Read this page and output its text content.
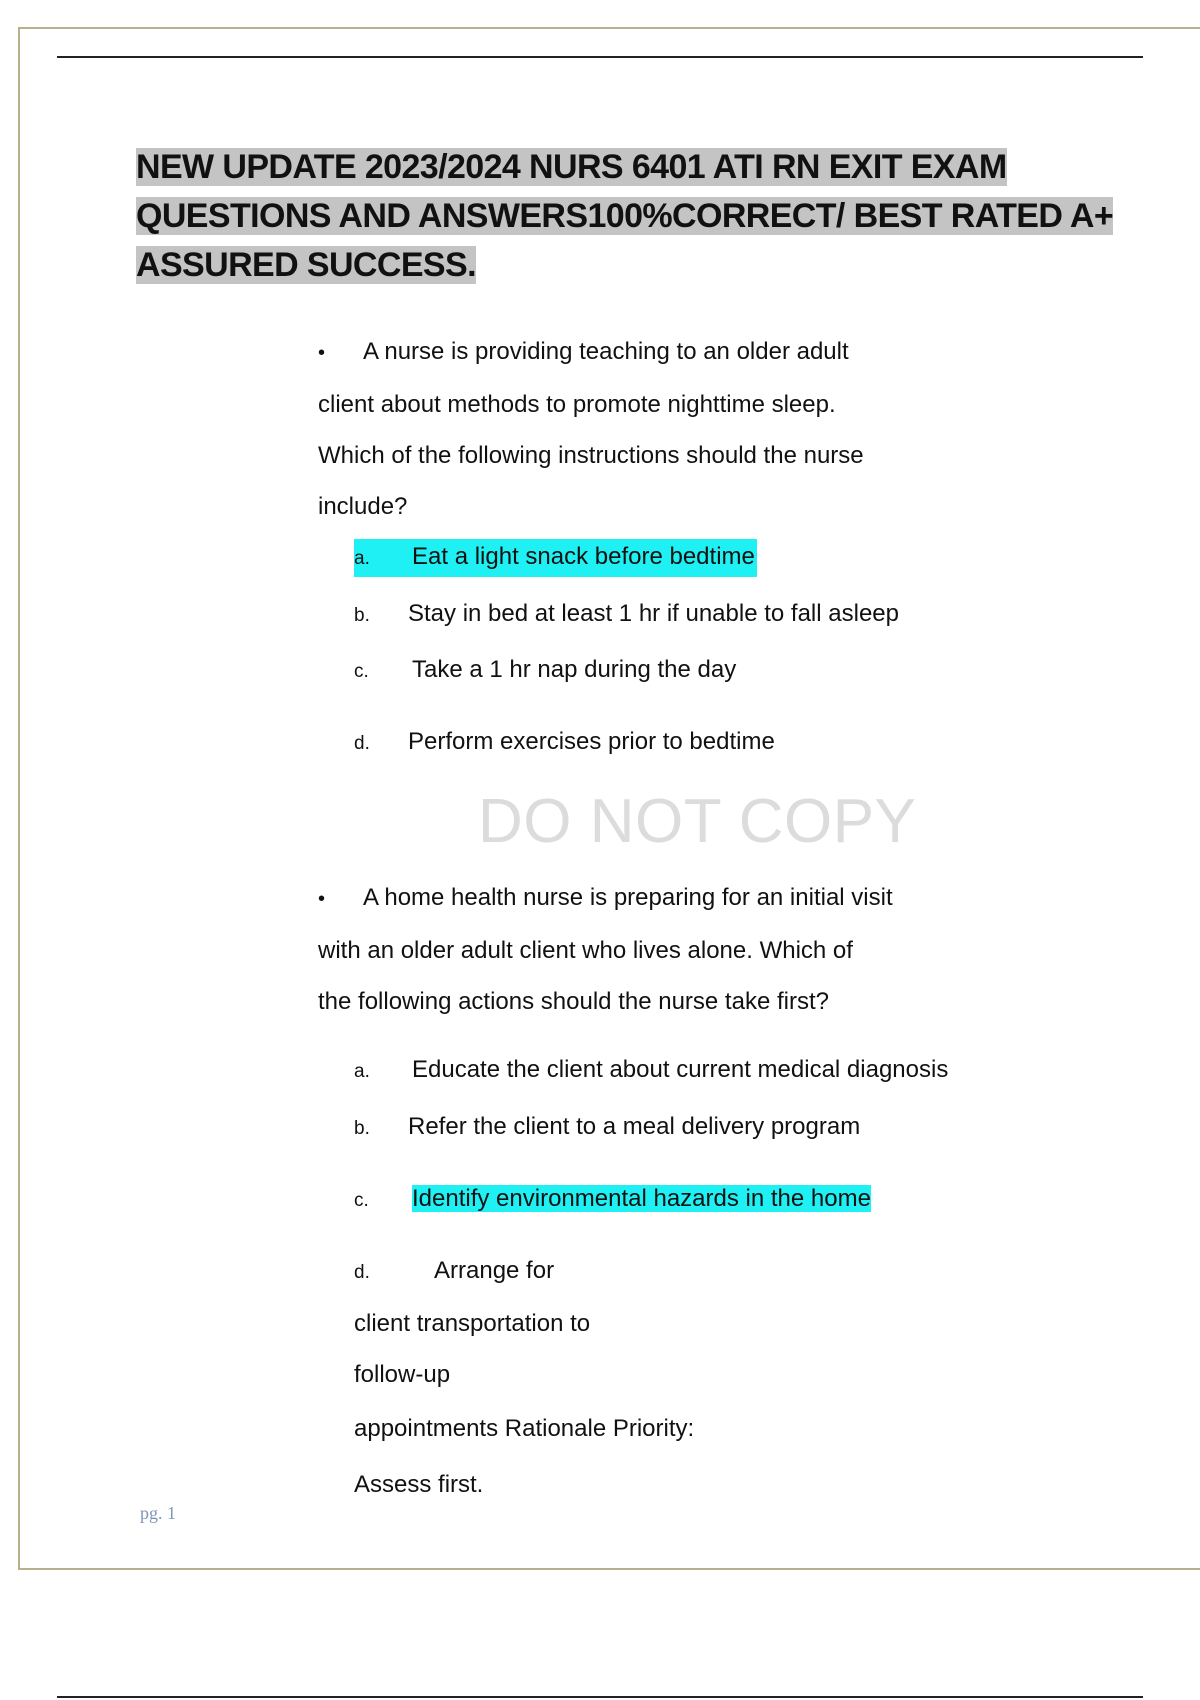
NEW UPDATE 2023/2024 NURS 6401 ATI RN EXIT EXAM
QUESTIONS AND ANSWERS100%CORRECT/ BEST RATED A+
ASSURED SUCCESS.

• A nurse is providing teaching to an older adult
client about methods to promote nighttime sleep.
Which of the following instructions should the nurse
include?

a. Eat a light snack before bedtime
b. Stay in bed at least 1 hr if unable to fall asleep
c. Take a 1 hr nap during the day
d. Perform exercises prior to bedtime
DO NOT COPY

• A home health nurse is preparing for an initial visit
with an older adult client who lives alone. Which of
the following actions should the nurse take first?

a. Educate the client about current medical diagnosis
b. Refer the client to a meal delivery program
c. Identify environmental hazards in the home
d.	Arrange for
client transportation to
follow-up
appointments Rationale Priority:
Assess first.
pg. 1
